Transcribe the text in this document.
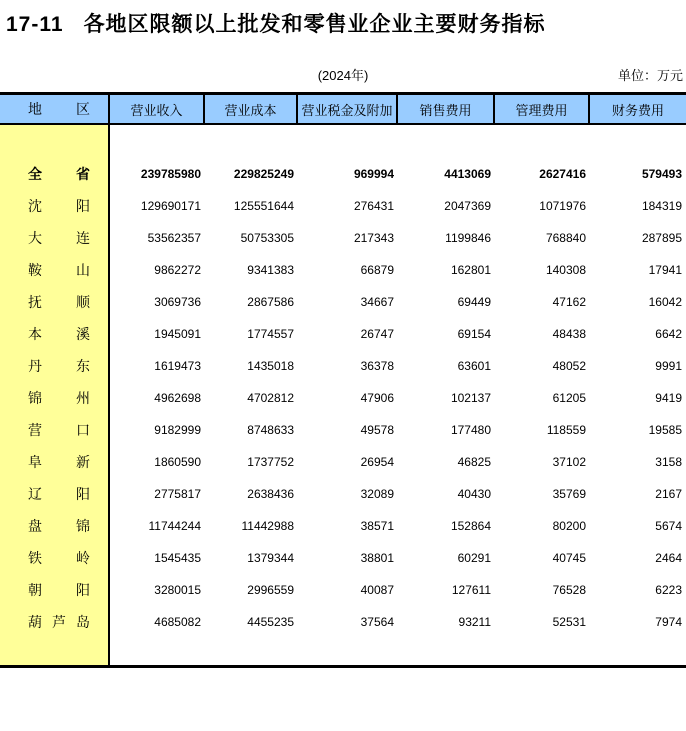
17-11 各地区限额以上批发和零售业企业主要财务指标
(2024年)	单位：万元
地 区	营业收入	营业成本	营业税金及附加	销售费用	管理费用	财务费用
全 省	239785980	229825249	969994	4413069	2627416	579493
沈 阳	129690171	125551644	276431	2047369	1071976	184319
大 连	53562357	50753305	217343	1199846	768840	287895
鞍 山	9862272	9341383	66879	162801	140308	17941
抚 顺	3069736	2867586	34667	69449	47162	16042
本 溪	1945091	1774557	26747	69154	48438	6642
丹 东	1619473	1435018	36378	63601	48052	9991
锦 州	4962698	4702812	47906	102137	61205	9419
营 口	9182999	8748633	49578	177480	118559	19585
阜 新	1860590	1737752	26954	46825	37102	3158
辽 阳	2775817	2638436	32089	40430	35769	2167
盘 锦	11744244	11442988	38571	152864	80200	5674
铁 岭	1545435	1379344	38801	60291	40745	2464
朝 阳	3280015	2996559	40087	127611	76528	6223
葫 芦 岛	4685082	4455235	37564	93211	52531	7974
